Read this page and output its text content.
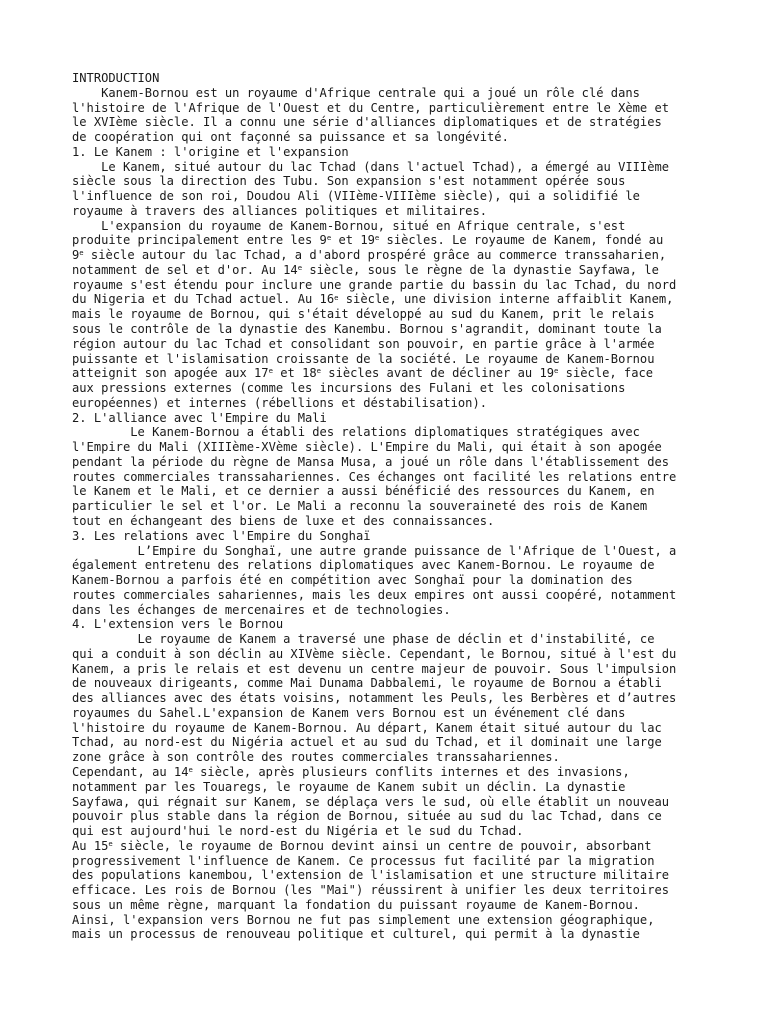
INTRODUCTION
Kanem-Bornou est un royaume d'Afrique centrale qui a joué un rôle clé dans
l'histoire de l'Afrique de l'Ouest et du Centre, particulièrement entre le Xème et
le XVIème siècle. Il a connu une série d'alliances diplomatiques et de stratégies
de coopération qui ont façonné sa puissance et sa longévité.
1. Le Kanem : l'origine et l'expansion
Le Kanem, situé autour du lac Tchad (dans l'actuel Tchad), a émergé au VIIIème
siècle sous la direction des Tubu. Son expansion s'est notamment opérée sous
l'influence de son roi, Doudou Ali (VIIème-VIIIème siècle), qui a solidifié le
royaume à travers des alliances politiques et militaires.
L'expansion du royaume de Kanem-Bornou, situé en Afrique centrale, s'est
produite principalement entre les 9e et 19e siècles. Le royaume de Kanem, fondé au
9e siècle autour du lac Tchad, a d'abord prospéré grâce au commerce transsaharien,
notamment de sel et d'or. Au 14e siècle, sous le règne de la dynastie Sayfawa, le
royaume s'est étendu pour inclure une grande partie du bassin du lac Tchad, du nord
du Nigeria et du Tchad actuel. Au 16e siècle, une division interne affaiblit Kanem,
mais le royaume de Bornou, qui s'était développé au sud du Kanem, prit le relais
sous le contrôle de la dynastie des Kanembu. Bornou s'agrandit, dominant toute la
région autour du lac Tchad et consolidant son pouvoir, en partie grâce à l'armée
puissante et l'islamisation croissante de la société. Le royaume de Kanem-Bornou
atteignit son apogée aux 17e et 18e siècles avant de décliner au 19e siècle, face
aux pressions externes (comme les incursions des Fulani et les colonisations
européennes) et internes (rébellions et déstabilisation).
2. L'alliance avec l'Empire du Mali
Le Kanem-Bornou a établi des relations diplomatiques stratégiques avec
l'Empire du Mali (XIIIème-XVème siècle). L'Empire du Mali, qui était à son apogée
pendant la période du règne de Mansa Musa, a joué un rôle dans l'établissement des
routes commerciales transsahariennes. Ces échanges ont facilité les relations entre
le Kanem et le Mali, et ce dernier a aussi bénéficié des ressources du Kanem, en
particulier le sel et l'or. Le Mali a reconnu la souveraineté des rois de Kanem
tout en échangeant des biens de luxe et des connaissances.
3. Les relations avec l'Empire du Songhaï
L’Empire du Songhaï, une autre grande puissance de l'Afrique de l'Ouest, a
également entretenu des relations diplomatiques avec Kanem-Bornou. Le royaume de
Kanem-Bornou a parfois été en compétition avec Songhaï pour la domination des
routes commerciales sahariennes, mais les deux empires ont aussi coopéré, notamment
dans les échanges de mercenaires et de technologies.
4. L'extension vers le Bornou
Le royaume de Kanem a traversé une phase de déclin et d'instabilité, ce
qui a conduit à son déclin au XIVème siècle. Cependant, le Bornou, situé à l'est du
Kanem, a pris le relais et est devenu un centre majeur de pouvoir. Sous l'impulsion
de nouveaux dirigeants, comme Mai Dunama Dabbalemi, le royaume de Bornou a établi
des alliances avec des états voisins, notamment les Peuls, les Berbères et d’autres
royaumes du Sahel.L'expansion de Kanem vers Bornou est un événement clé dans
l'histoire du royaume de Kanem-Bornou. Au départ, Kanem était situé autour du lac
Tchad, au nord-est du Nigéria actuel et au sud du Tchad, et il dominait une large
zone grâce à son contrôle des routes commerciales transsahariennes.
Cependant, au 14e siècle, après plusieurs conflits internes et des invasions,
notamment par les Touaregs, le royaume de Kanem subit un déclin. La dynastie
Sayfawa, qui régnait sur Kanem, se déplaça vers le sud, où elle établit un nouveau
pouvoir plus stable dans la région de Bornou, située au sud du lac Tchad, dans ce
qui est aujourd'hui le nord-est du Nigéria et le sud du Tchad.
Au 15e siècle, le royaume de Bornou devint ainsi un centre de pouvoir, absorbant
progressivement l'influence de Kanem. Ce processus fut facilité par la migration
des populations kanembou, l'extension de l'islamisation et une structure militaire
efficace. Les rois de Bornou (les "Mai") réussirent à unifier les deux territoires
sous un même règne, marquant la fondation du puissant royaume de Kanem-Bornou.
Ainsi, l'expansion vers Bornou ne fut pas simplement une extension géographique,
mais un processus de renouveau politique et culturel, qui permit à la dynastie
